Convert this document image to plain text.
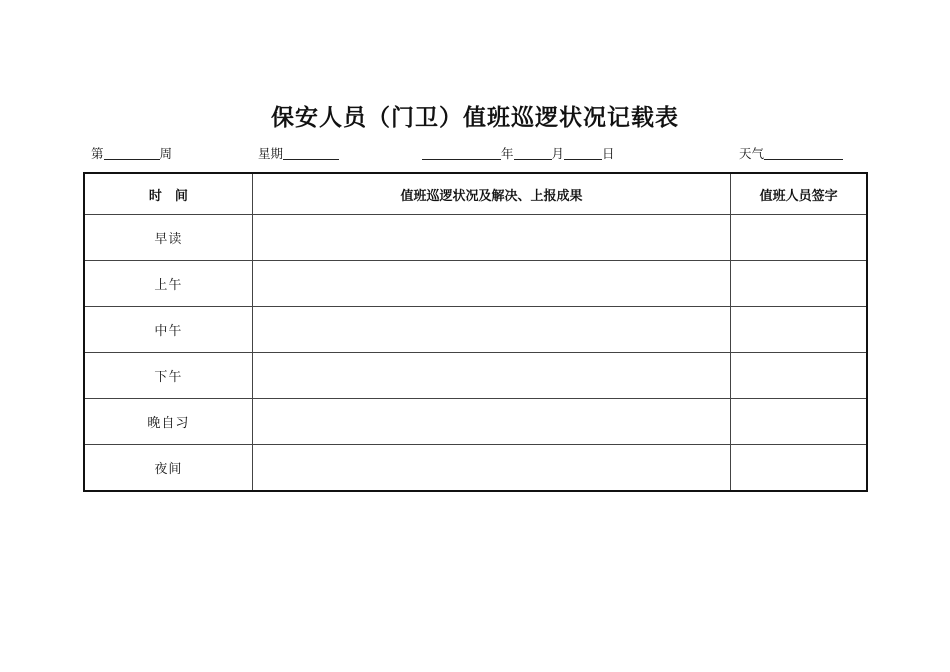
保安人员（门卫）值班巡逻状况记载表
第	周	星期	年	月	日	天气
时　间	值班巡逻状况及解决、上报成果	值班人员签字
早读		
上午		
中午		
下午		
晚自习		
夜间		
